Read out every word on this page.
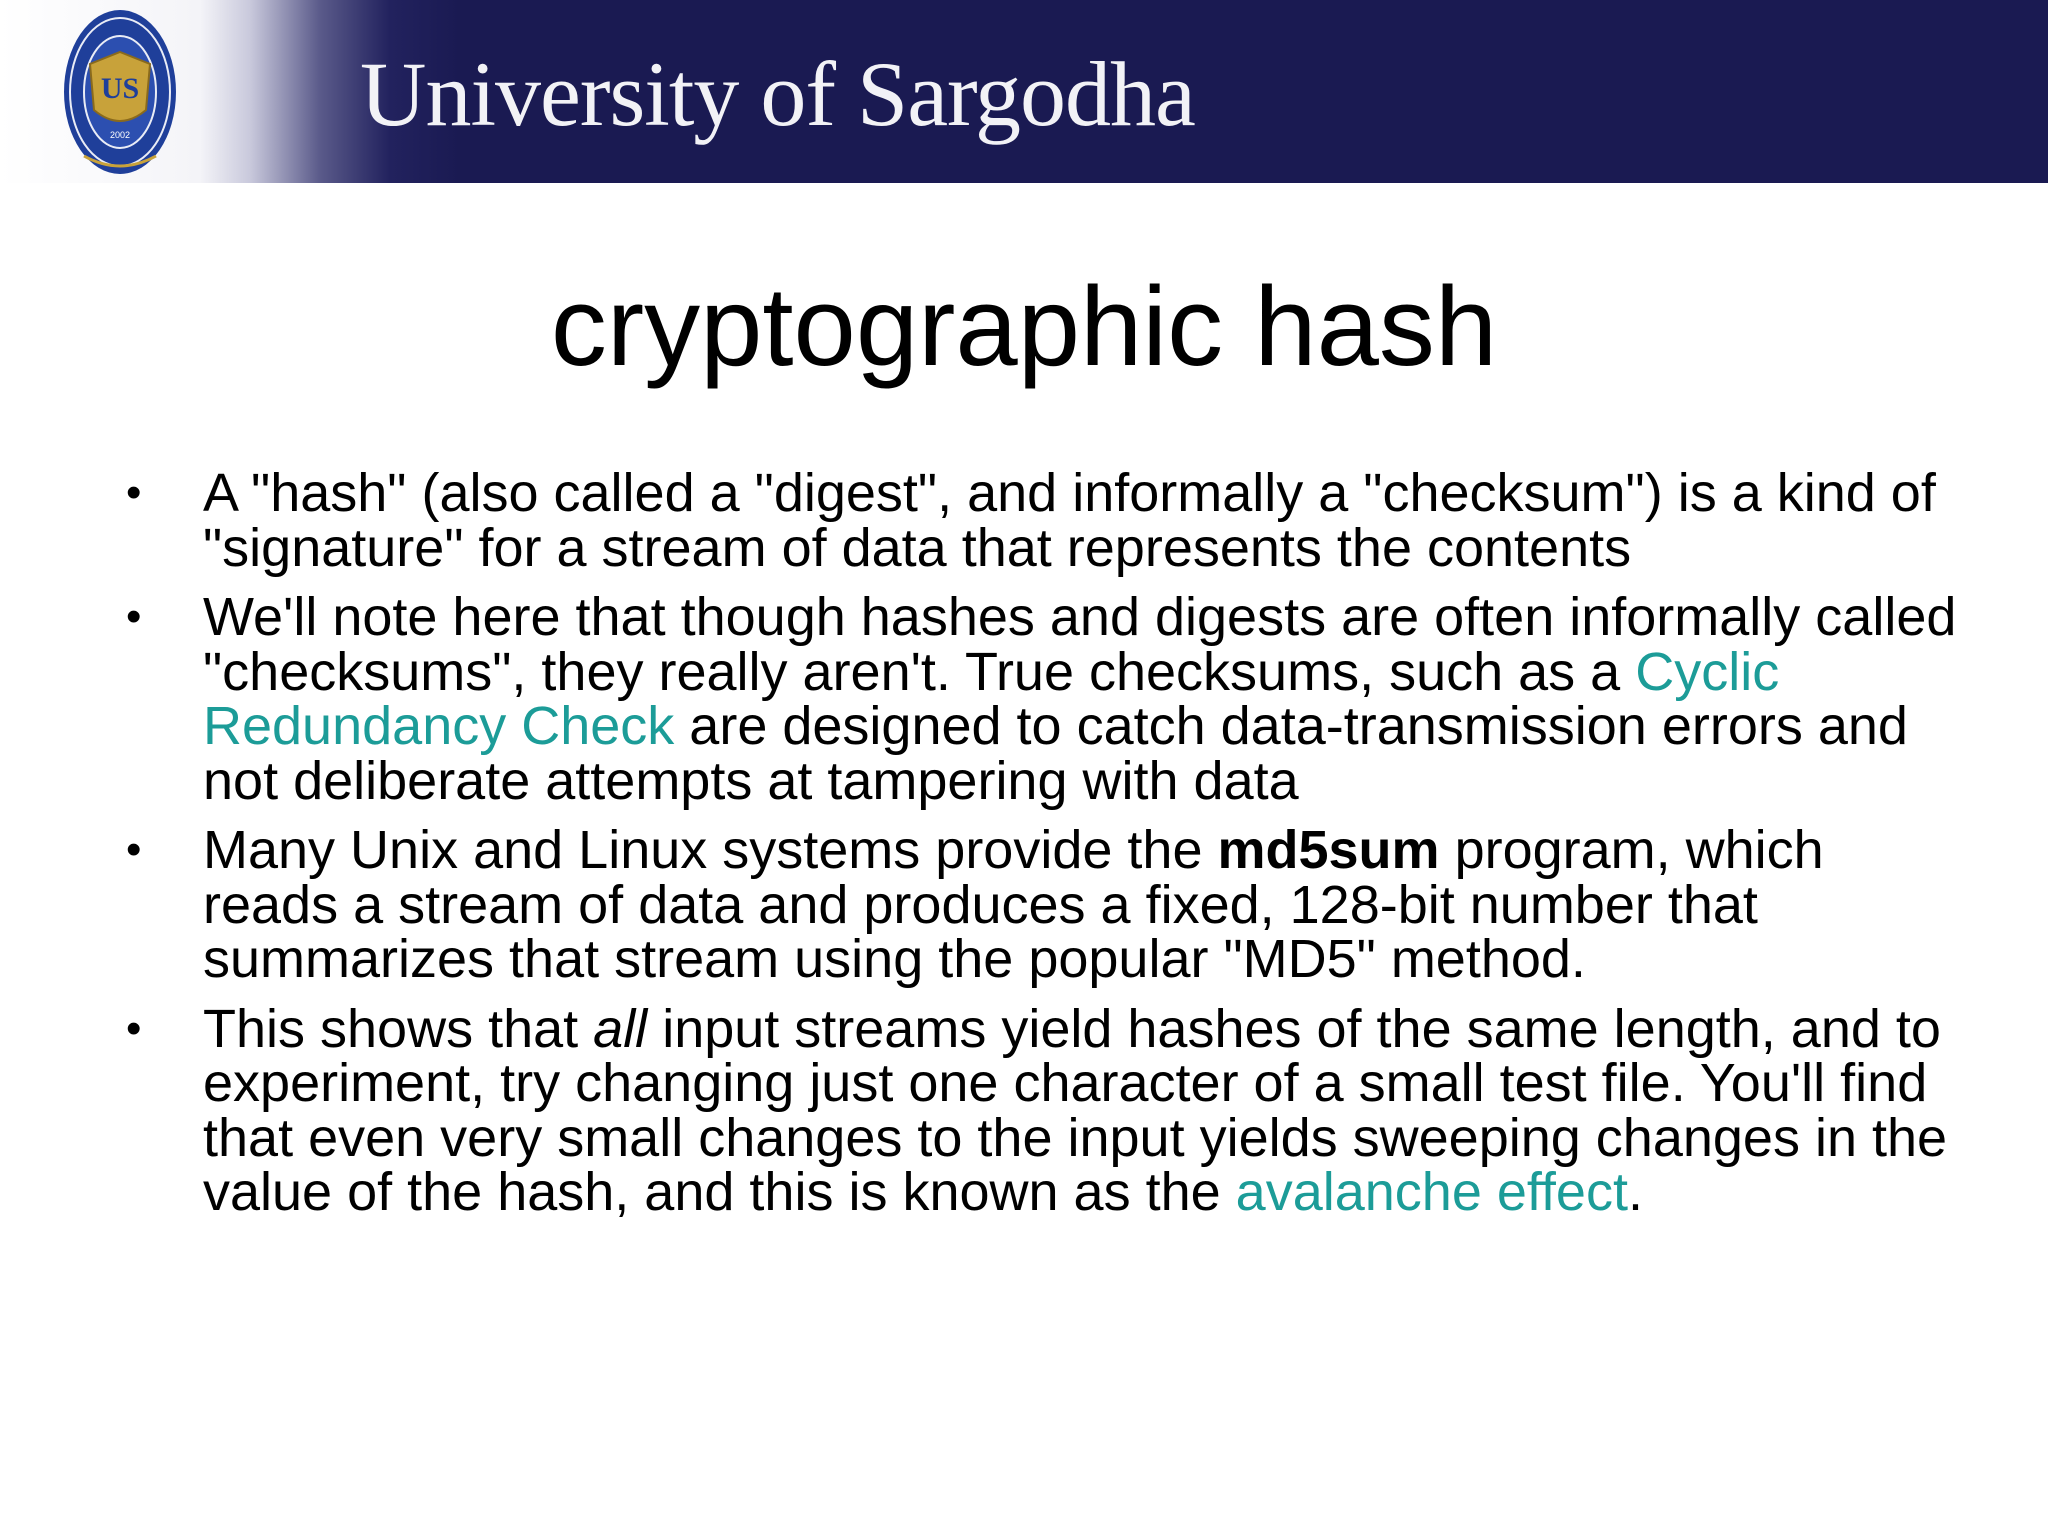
US
2002 University of Sargodha
cryptographic hash
• A "hash" (also called a "digest", and informally a "checksum") is a kind of "signature" for a stream of data that represents the contents
• We'll note here that though hashes and digests are often informally called "checksums", they really aren't. True checksums, such as a Cyclic Redundancy Check are designed to catch data-transmission errors and not deliberate attempts at tampering with data
• Many Unix and Linux systems provide the md5sum program, which reads a stream of data and produces a fixed, 128-bit number that summarizes that stream using the popular "MD5" method.
• This shows that all input streams yield hashes of the same length, and to experiment, try changing just one character of a small test file. You'll find that even very small changes to the input yields sweeping changes in the value of the hash, and this is known as the avalanche effect.
